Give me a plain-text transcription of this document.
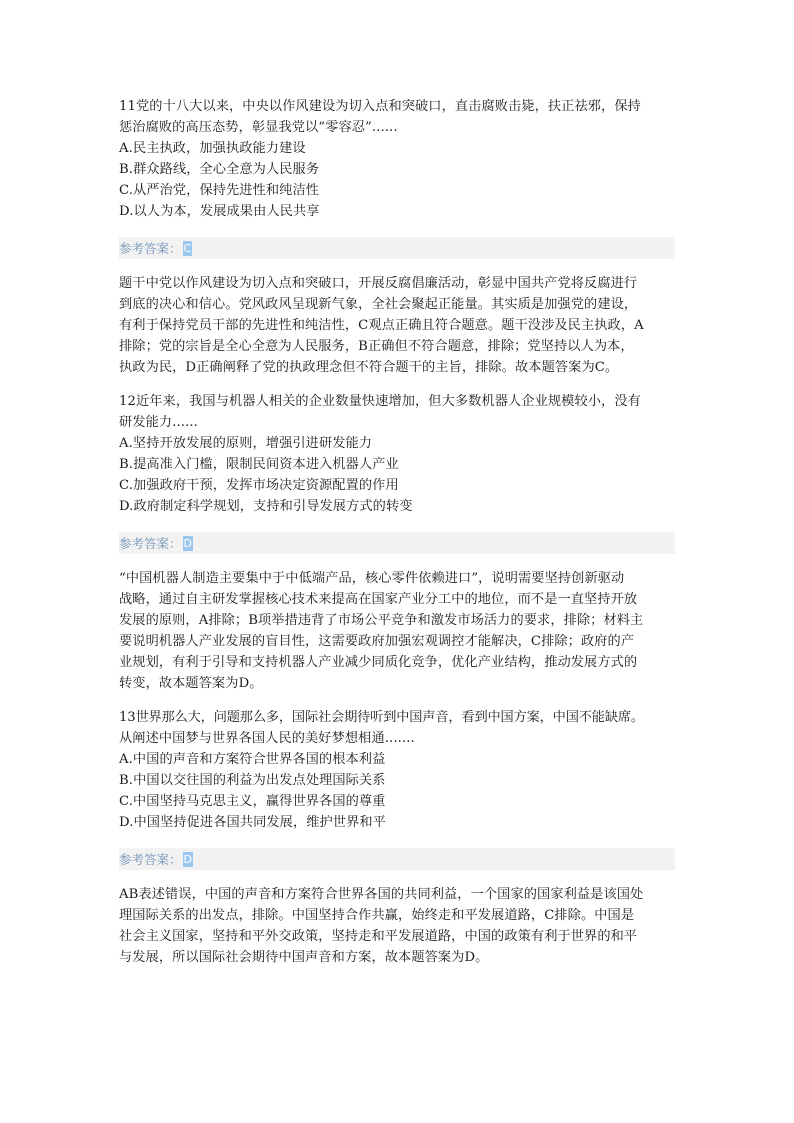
11党的十八大以来，中央以作风建设为切入点和突破口，直击腐败击毙，扶正祛邪，保持

惩治腐败的高压态势，彰显我党以“零容忍”......

A.民主执政，加强执政能力建设

B.群众路线，全心全意为人民服务

C.从严治党，保持先进性和纯洁性

D.以人为本，发展成果由人民共享

参考答案： C

题干中党以作风建设为切入点和突破口，开展反腐倡廉活动，彰显中国共产党将反腐进行

到底的决心和信心。党风政风呈现新气象，全社会聚起正能量。其实质是加强党的建设，

有利于保持党员干部的先进性和纯洁性，C观点正确且符合题意。题干没涉及民主执政，A

排除；党的宗旨是全心全意为人民服务，B正确但不符合题意，排除；党坚持以人为本，

执政为民，D正确阐释了党的执政理念但不符合题干的主旨，排除。故本题答案为C。

12近年来，我国与机器人相关的企业数量快速增加，但大多数机器人企业规模较小，没有

研发能力......

A.坚持开放发展的原则，增强引进研发能力

B.提高准入门槛，限制民间资本进入机器人产业

C.加强政府干预，发挥市场决定资源配置的作用

D.政府制定科学规划，支持和引导发展方式的转变

参考答案： D

“中国机器人制造主要集中于中低端产品，核心零件依赖进口”，说明需要坚持创新驱动

战略，通过自主研发掌握核心技术来提高在国家产业分工中的地位，而不是一直坚持开放

发展的原则，A排除；B项举措违背了市场公平竞争和激发市场活力的要求，排除；材料主

要说明机器人产业发展的盲目性，这需要政府加强宏观调控才能解决，C排除；政府的产

业规划，有利于引导和支持机器人产业减少同质化竞争，优化产业结构，推动发展方式的

转变，故本题答案为D。

13世界那么大，问题那么多，国际社会期待听到中国声音，看到中国方案，中国不能缺席。

从阐述中国梦与世界各国人民的美好梦想相通.......

A.中国的声音和方案符合世界各国的根本利益

B.中国以交往国的利益为出发点处理国际关系

C.中国坚持马克思主义，赢得世界各国的尊重

D.中国坚持促进各国共同发展，维护世界和平

参考答案： D

AB表述错误，中国的声音和方案符合世界各国的共同利益，一个国家的国家利益是该国处

理国际关系的出发点，排除。中国坚持合作共赢，始终走和平发展道路，C排除。中国是

社会主义国家，坚持和平外交政策，坚持走和平发展道路，中国的政策有利于世界的和平

与发展，所以国际社会期待中国声音和方案，故本题答案为D。
